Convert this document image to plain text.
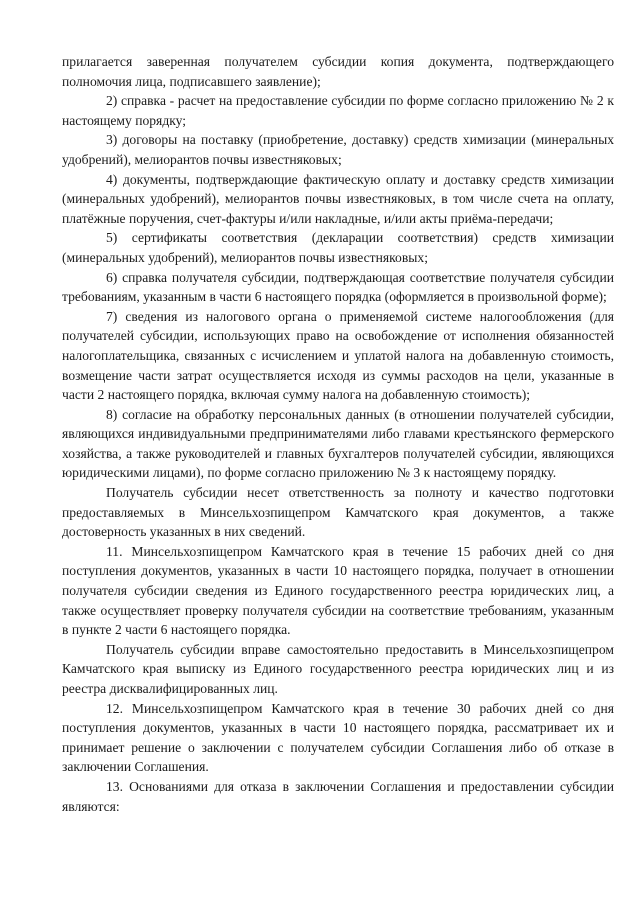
прилагается заверенная получателем субсидии копия документа, подтверждающего полномочия лица, подписавшего заявление);

2) справка - расчет на предоставление субсидии по форме согласно приложению № 2 к настоящему порядку;

3) договоры на поставку (приобретение, доставку) средств химизации (минеральных удобрений), мелиорантов почвы известняковых;

4) документы, подтверждающие фактическую оплату и доставку средств химизации (минеральных удобрений), мелиорантов почвы известняковых, в том числе счета на оплату, платёжные поручения, счет-фактуры и/или накладные, и/или акты приёма-передачи;

5) сертификаты соответствия (декларации соответствия) средств химизации (минеральных удобрений), мелиорантов почвы известняковых;

6) справка получателя субсидии, подтверждающая соответствие получателя субсидии требованиям, указанным в части 6 настоящего порядка (оформляется в произвольной форме);

7) сведения из налогового органа о применяемой системе налогообложения (для получателей субсидии, использующих право на освобождение от исполнения обязанностей налогоплательщика, связанных с исчислением и уплатой налога на добавленную стоимость, возмещение части затрат осуществляется исходя из суммы расходов на цели, указанные в части 2 настоящего порядка, включая сумму налога на добавленную стоимость);

8) согласие на обработку персональных данных (в отношении получателей субсидии, являющихся индивидуальными предпринимателями либо главами крестьянского фермерского хозяйства, а также руководителей и главных бухгалтеров получателей субсидии, являющихся юридическими лицами), по форме согласно приложению № 3 к настоящему порядку.

Получатель субсидии несет ответственность за полноту и качество подготовки предоставляемых в Минсельхозпищепром Камчатского края документов, а также достоверность указанных в них сведений.

11. Минсельхозпищепром Камчатского края в течение 15 рабочих дней со дня поступления документов, указанных в части 10 настоящего порядка, получает в отношении получателя субсидии сведения из Единого государственного реестра юридических лиц, а также осуществляет проверку получателя субсидии на соответствие требованиям, указанным в пункте 2 части 6 настоящего порядка.

Получатель субсидии вправе самостоятельно предоставить в Минсельхозпищепром Камчатского края выписку из Единого государственного реестра юридических лиц и из реестра дисквалифицированных лиц.

12. Минсельхозпищепром Камчатского края в течение 30 рабочих дней со дня поступления документов, указанных в части 10 настоящего порядка, рассматривает их и принимает решение о заключении с получателем субсидии Соглашения либо об отказе в заключении Соглашения.

13. Основаниями для отказа в заключении Соглашения и предоставлении субсидии являются:
